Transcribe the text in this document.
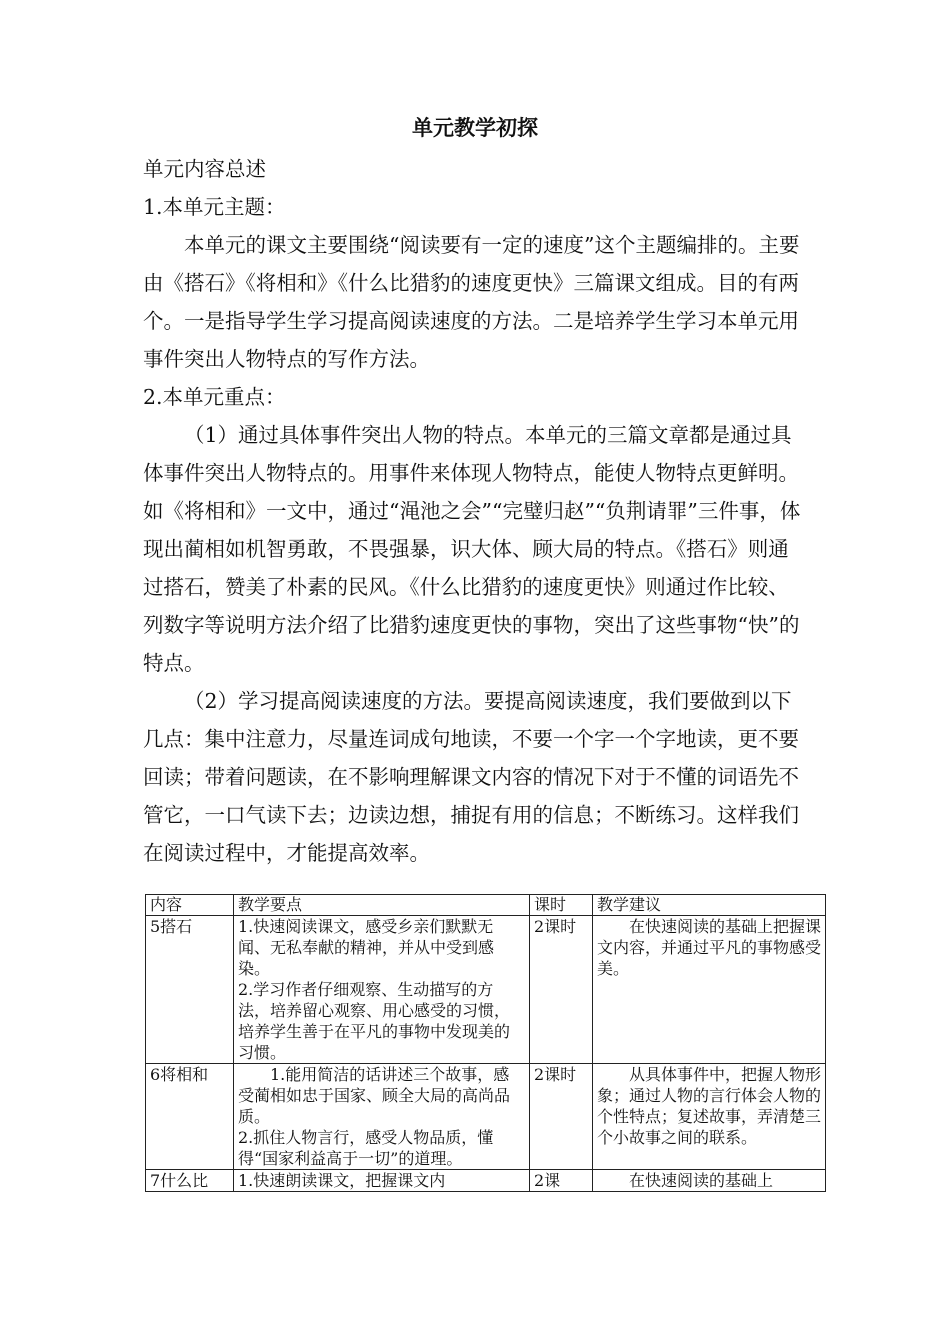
单元教学初探

单元内容总述

1.本单元主题：

本单元的课文主要围绕“阅读要有一定的速度”这个主题编排的。主要由《搭石》《将相和》《什么比猎豹的速度更快》三篇课文组成。目的有两个。一是指导学生学习提高阅读速度的方法。二是培养学生学习本单元用事件突出人物特点的写作方法。

2.本单元重点：

（1）通过具体事件突出人物的特点。本单元的三篇文章都是通过具体事件突出人物特点的。用事件来体现人物特点，能使人物特点更鲜明。如《将相和》一文中，通过“渑池之会”“完璧归赵”“负荆请罪”三件事，体现出蔺相如机智勇敢，不畏强暴，识大体、顾大局的特点。《搭石》则通过搭石，赞美了朴素的民风。《什么比猎豹的速度更快》则通过作比较、列数字等说明方法介绍了比猎豹速度更快的事物，突出了这些事物“快”的特点。

（2）学习提高阅读速度的方法。要提高阅读速度，我们要做到以下几点：集中注意力，尽量连词成句地读，不要一个字一个字地读，更不要回读；带着问题读，在不影响理解课文内容的情况下对于不懂的词语先不管它，一口气读下去；边读边想，捕捉有用的信息；不断练习。这样我们在阅读过程中，才能提高效率。

内容	教学要点	课时	教学建议
5搭石	1.快速阅读课文，感受乡亲们默默无闻、无私奉献的精神，并从中受到感染。
2.学习作者仔细观察、生动描写的方法，培养留心观察、用心感受的习惯，培养学生善于在平凡的事物中发现美的习惯。	2课时	在快速阅读的基础上把握课文内容，并通过平凡的事物感受美。
6将相和	1.能用简洁的话讲述三个故事，感受蔺相如忠于国家、顾全大局的高尚品质。
2.抓住人物言行，感受人物品质，懂得“国家利益高于一切”的道理。	2课时	从具体事件中，把握人物形象；通过人物的言行体会人物的个性特点；复述故事，弄清楚三个小故事之间的联系。

7什么比	1.快速朗读课文，把握课文内	2课	在快速阅读的基础上
